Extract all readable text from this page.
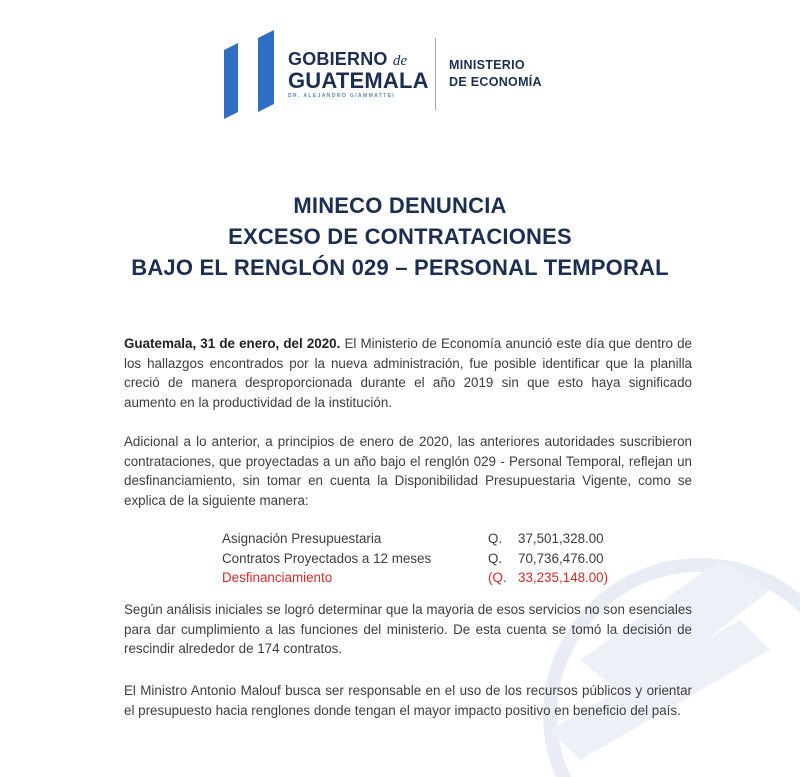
GOBIERNO de
GUATEMALA
DR. ALEJANDRO GIAMMATTEI
MINISTERIO
DE ECONOMÍA
MINECO DENUNCIA
EXCESO DE CONTRATACIONES
BAJO EL RENGLÓN 029 – PERSONAL TEMPORAL
Guatemala, 31 de enero, del 2020. El Ministerio de Economía anunció este día que dentro de los hallazgos encontrados por la nueva administración, fue posible identificar que la planilla creció de manera desproporcionada durante el año 2019 sin que esto haya significado aumento en la productividad de la institución.
Adicional a lo anterior, a principios de enero de 2020, las anteriores autoridades suscribieron contrataciones, que proyectadas a un año bajo el renglón 029 - Personal Temporal, reflejan un desfinanciamiento, sin tomar en cuenta la Disponibilidad Presupuestaria Vigente, como se explica de la siguiente manera:
Asignación Presupuestaria	Q. 37,501,328.00
Contratos Proyectados a 12 meses	Q. 70,736,476.00
Desfinanciamiento	(Q. 33,235,148.00)
Según análisis iniciales se logró determinar que la mayoria de esos servicios no son esenciales para dar cumplimiento a las funciones del ministerio. De esta cuenta se tomó la decisión de rescindir alrededor de 174 contratos.
El Ministro Antonio Malouf busca ser responsable en el uso de los recursos públicos y orientar el presupuesto hacia renglones donde tengan el mayor impacto positivo en beneficio del país.
